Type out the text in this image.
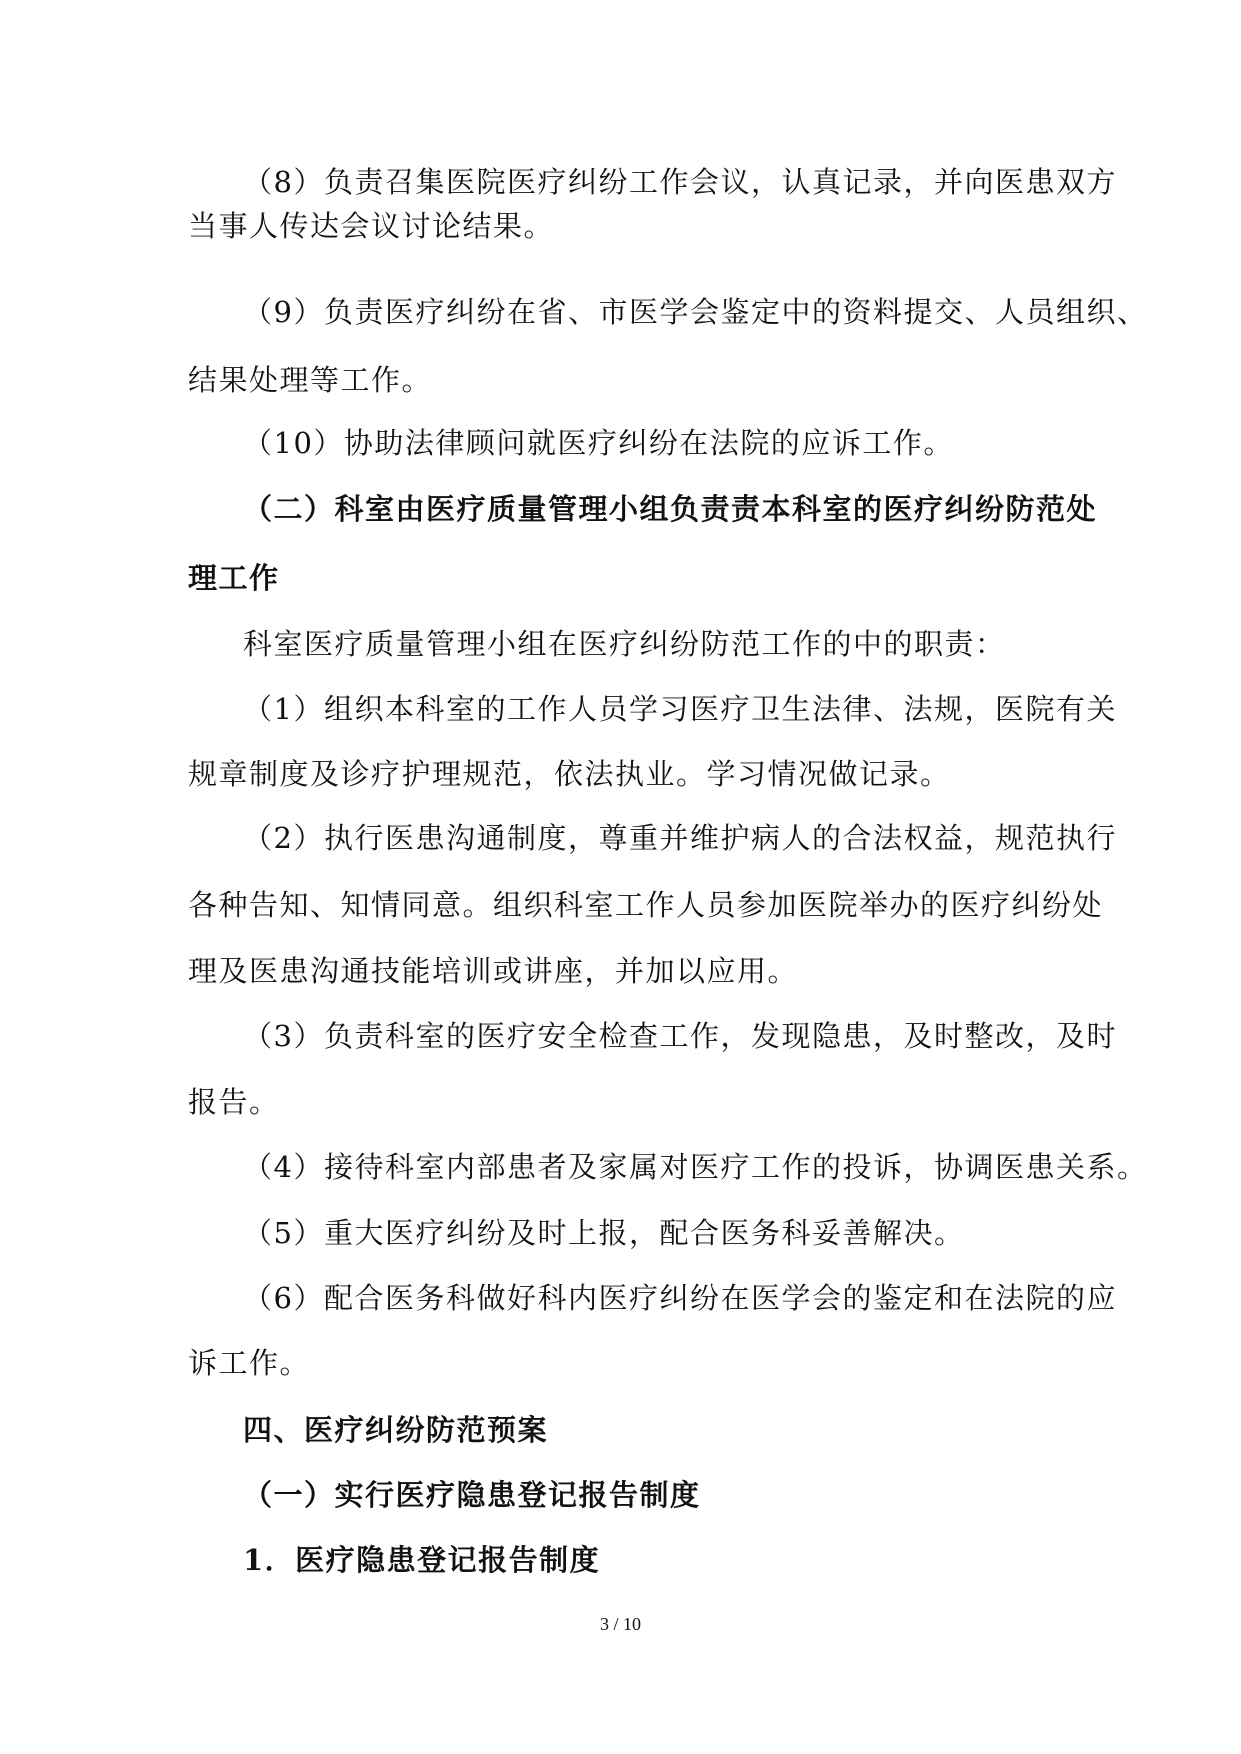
（8）负责召集医院医疗纠纷工作会议，认真记录，并向医患双方
当事人传达会议讨论结果。
（9）负责医疗纠纷在省、市医学会鉴定中的资料提交、人员组织、
结果处理等工作。
（10）协助法律顾问就医疗纠纷在法院的应诉工作。
（二）科室由医疗质量管理小组负责责本科室的医疗纠纷防范处
理工作
科室医疗质量管理小组在医疗纠纷防范工作的中的职责：
（1）组织本科室的工作人员学习医疗卫生法律、法规，医院有关
规章制度及诊疗护理规范，依法执业。学习情况做记录。
（2）执行医患沟通制度，尊重并维护病人的合法权益，规范执行
各种告知、知情同意。组织科室工作人员参加医院举办的医疗纠纷处
理及医患沟通技能培训或讲座，并加以应用。
（3）负责科室的医疗安全检查工作，发现隐患，及时整改，及时
报告。
（4）接待科室内部患者及家属对医疗工作的投诉，协调医患关系。
（5）重大医疗纠纷及时上报，配合医务科妥善解决。
（6）配合医务科做好科内医疗纠纷在医学会的鉴定和在法院的应
诉工作。
四、医疗纠纷防范预案
（一）实行医疗隐患登记报告制度
1．医疗隐患登记报告制度
3 / 10
